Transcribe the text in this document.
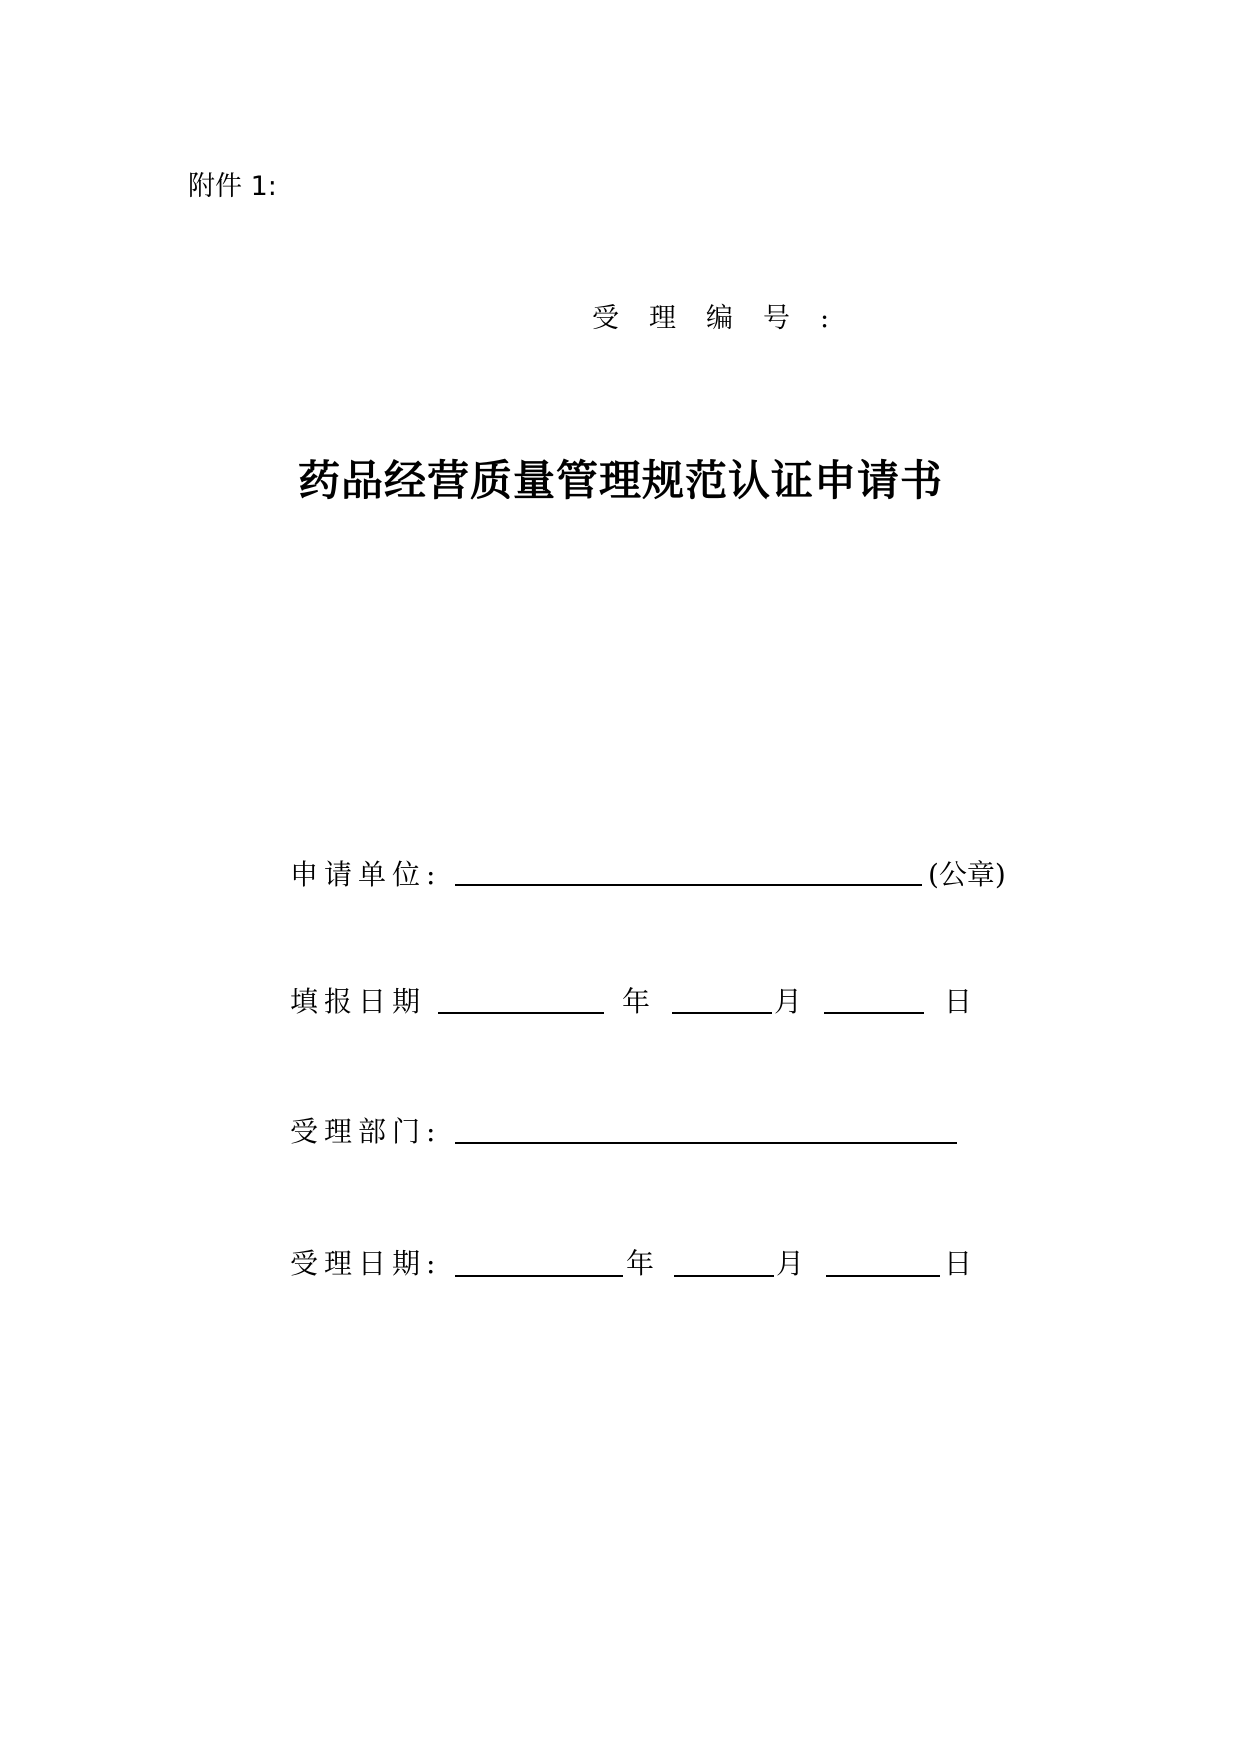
附件 1:
受理编号:
药品经营质量管理规范认证申请书
申请单位:	(公章)
填报日期	年	月	日
受理部门:
受理日期:	年	月	日
